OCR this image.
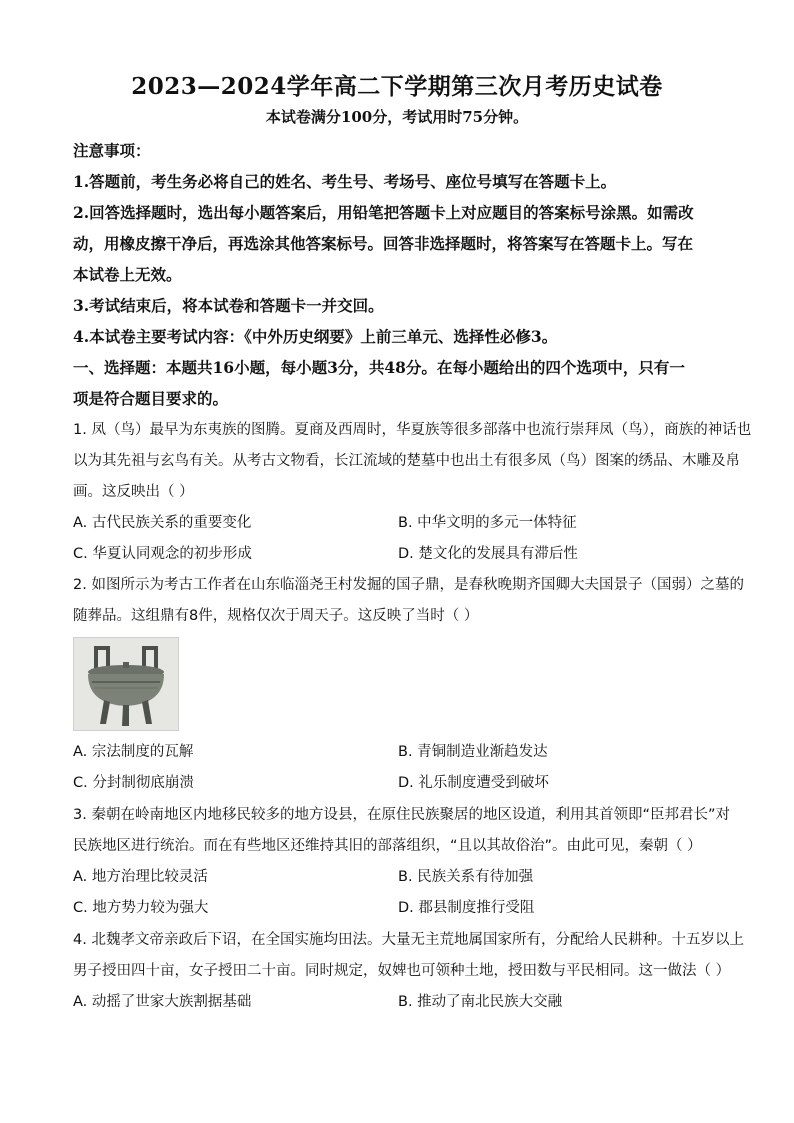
2023—2024学年高二下学期第三次月考历史试卷
本试卷满分100分，考试用时75分钟。
注意事项：
1.答题前，考生务必将自己的姓名、考生号、考场号、座位号填写在答题卡上。
2.回答选择题时，选出每小题答案后，用铅笔把答题卡上对应题目的答案标号涂黑。如需改
动，用橡皮擦干净后，再选涂其他答案标号。回答非选择题时，将答案写在答题卡上。写在
本试卷上无效。
3.考试结束后，将本试卷和答题卡一并交回。
4.本试卷主要考试内容：《中外历史纲要》上前三单元、选择性必修3。
一、选择题：本题共16小题，每小题3分，共48分。在每小题给出的四个选项中，只有一
项是符合题目要求的。
1. 凤（鸟）最早为东夷族的图腾。夏商及西周时，华夏族等很多部落中也流行崇拜凤（鸟），商族的神话也
以为其先祖与玄鸟有关。从考古文物看，长江流域的楚墓中也出土有很多凤（鸟）图案的绣品、木雕及帛
画。这反映出（ ）
A. 古代民族关系的重要变化	B. 中华文明的多元一体特征
C. 华夏认同观念的初步形成	D. 楚文化的发展具有滞后性
2. 如图所示为考古工作者在山东临淄尧王村发掘的国子鼎，是春秋晚期齐国卿大夫国景子（国弱）之墓的
随葬品。这组鼎有8件，规格仅次于周天子。这反映了当时（ ）
A. 宗法制度的瓦解	B. 青铜制造业渐趋发达
C. 分封制彻底崩溃	D. 礼乐制度遭受到破坏
3. 秦朝在岭南地区内地移民较多的地方设县，在原住民族聚居的地区设道，利用其首领即“臣邦君长”对
民族地区进行统治。而在有些地区还维持其旧的部落组织，“且以其故俗治”。由此可见，秦朝（ ）
A. 地方治理比较灵活	B. 民族关系有待加强
C. 地方势力较为强大	D. 郡县制度推行受阻
4. 北魏孝文帝亲政后下诏，在全国实施均田法。大量无主荒地属国家所有，分配给人民耕种。十五岁以上
男子授田四十亩，女子授田二十亩。同时规定，奴婢也可领种土地，授田数与平民相同。这一做法（ ）
A. 动摇了世家大族割据基础	B. 推动了南北民族大交融
